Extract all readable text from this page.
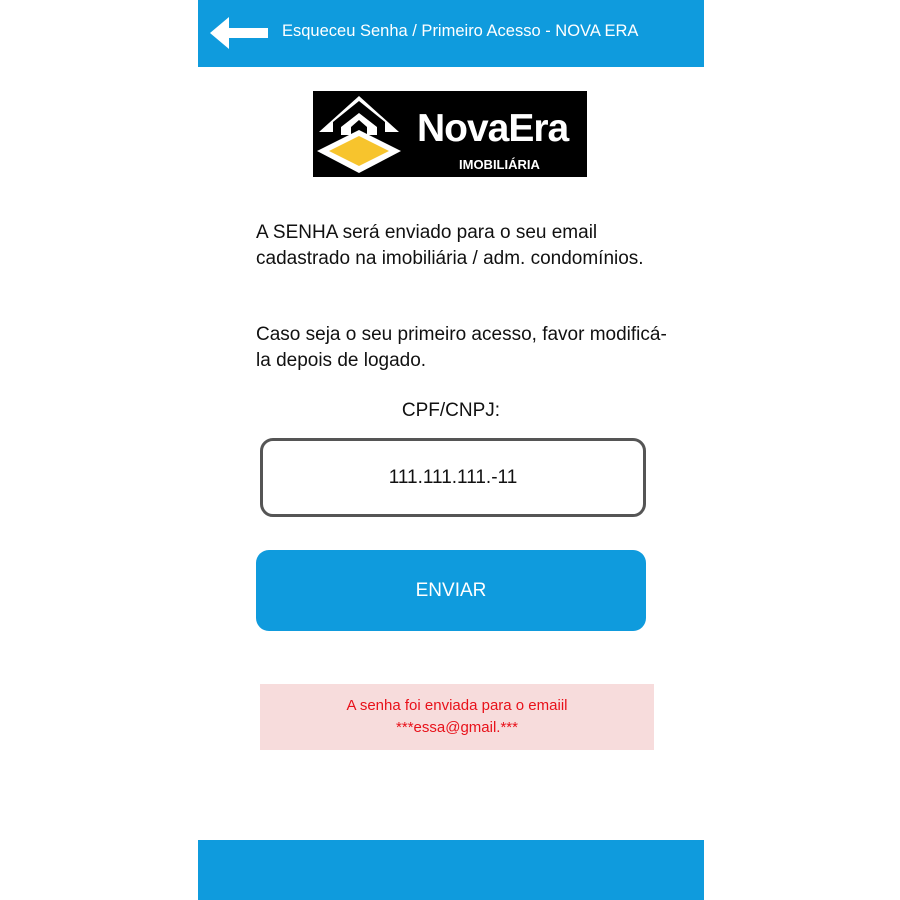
Esqueceu Senha / Primeiro Acesso - NOVA ERA
NovaEra
IMOBILIÁRIA
A SENHA será enviado para o seu email cadastrado na imobiliária / adm. condomínios.
Caso seja o seu primeiro acesso, favor modificá-la depois de logado.
CPF/CNPJ:
111.111.111.-11
ENVIAR
A senha foi enviada para o emaiil
***essa@gmail.***
